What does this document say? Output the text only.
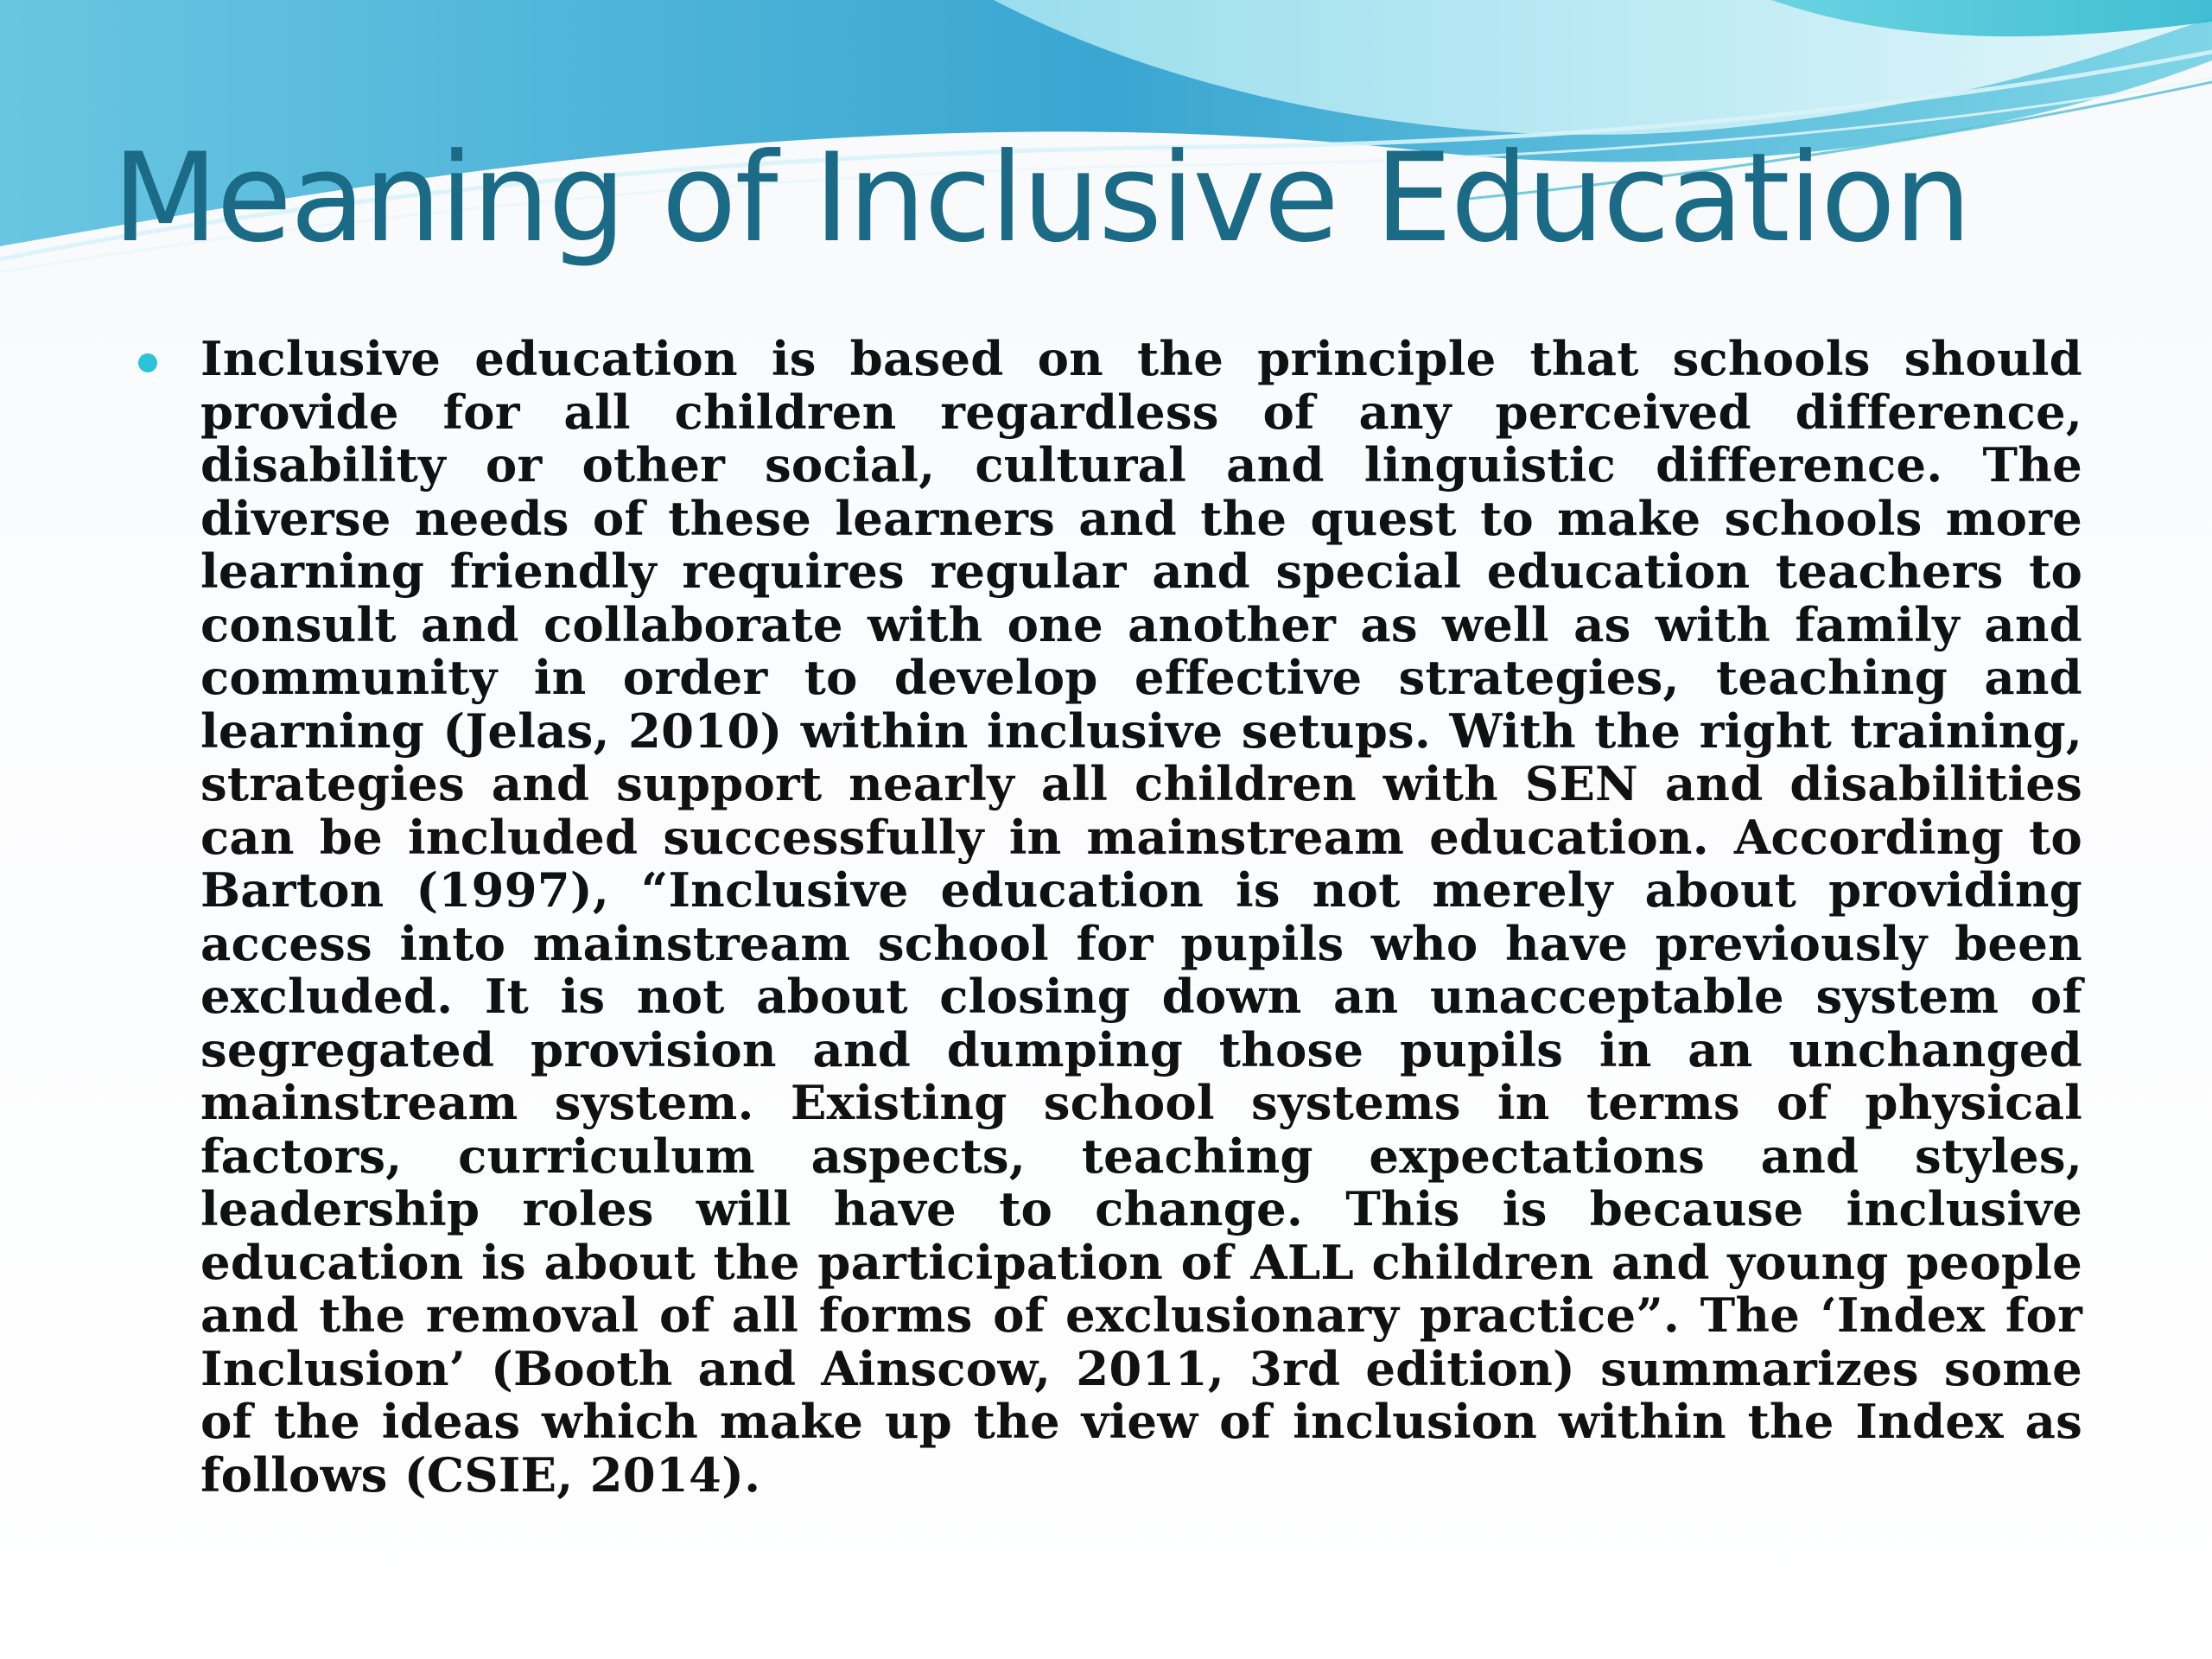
Meaning of Inclusive Education

Inclusive education is based on the principle that schools should provide for all children regardless of any perceived difference, disability or other social, cultural and linguistic difference. The diverse needs of these learners and the quest to make schools more learning friendly requires regular and special education teachers to consult and collaborate with one another as well as with family and community in order to develop effective strategies, teaching and learning (Jelas, 2010) within inclusive setups. With the right training, strategies and support nearly all children with SEN and disabilities can be included successfully in mainstream education. According to Barton (1997), “Inclusive education is not merely about providing access into mainstream school for pupils who have previously been excluded. It is not about closing down an unacceptable system of segregated provision and dumping those pupils in an unchanged mainstream system. Existing school systems in terms of physical factors, curriculum aspects, teaching expectations and styles, leadership roles will have to change. This is because inclusive education is about the participation of ALL children and young people and the removal of all forms of exclusionary practice”. The ‘Index for Inclusion’ (Booth and Ainscow, 2011, 3rd edition) summarizes some of the ideas which make up the view of inclusion within the Index as follows (CSIE, 2014).
